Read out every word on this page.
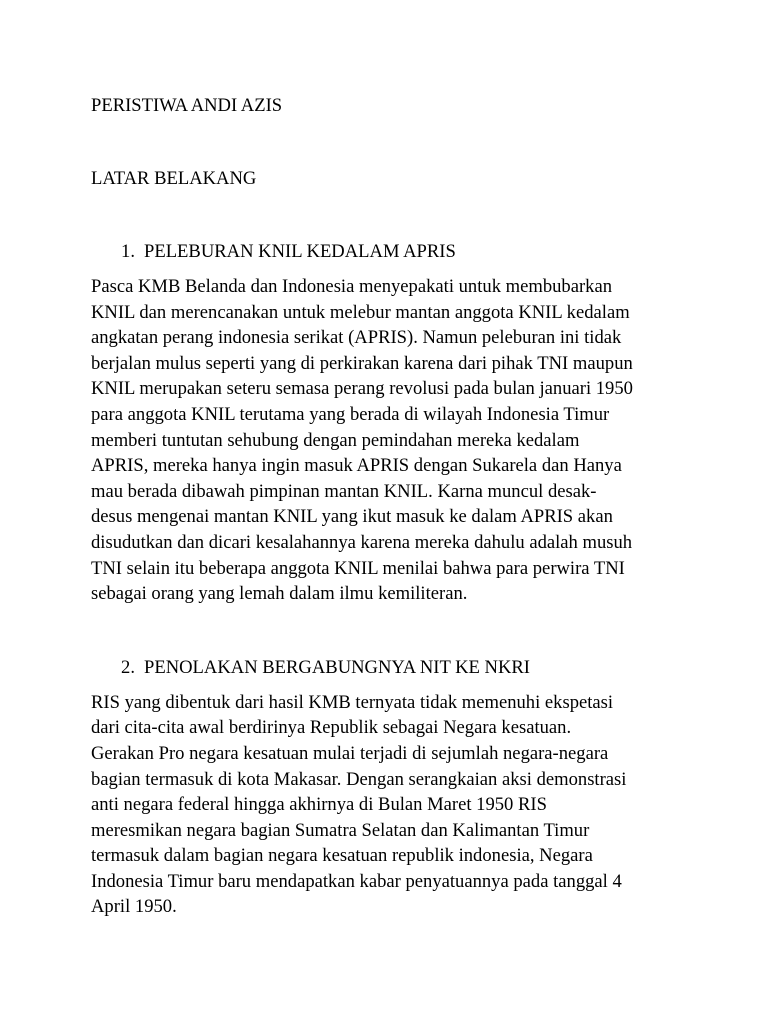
PERISTIWA ANDI AZIS
LATAR BELAKANG
1. PELEBURAN KNIL KEDALAM APRIS
Pasca KMB Belanda dan Indonesia menyepakati untuk membubarkan
KNIL dan merencanakan untuk melebur mantan anggota KNIL kedalam
angkatan perang indonesia serikat (APRIS). Namun peleburan ini tidak
berjalan mulus seperti yang di perkirakan karena dari pihak TNI maupun
KNIL merupakan seteru semasa perang revolusi pada bulan januari 1950
para anggota KNIL terutama yang berada di wilayah Indonesia Timur
memberi tuntutan sehubung dengan pemindahan mereka kedalam
APRIS, mereka hanya ingin masuk APRIS dengan Sukarela dan Hanya
mau berada dibawah pimpinan mantan KNIL. Karna muncul desak-
desus mengenai mantan KNIL yang ikut masuk ke dalam APRIS akan
disudutkan dan dicari kesalahannya karena mereka dahulu adalah musuh
TNI selain itu beberapa anggota KNIL menilai bahwa para perwira TNI
sebagai orang yang lemah dalam ilmu kemiliteran.
2. PENOLAKAN BERGABUNGNYA NIT KE NKRI
RIS yang dibentuk dari hasil KMB ternyata tidak memenuhi ekspetasi
dari cita-cita awal berdirinya Republik sebagai Negara kesatuan.
Gerakan Pro negara kesatuan mulai terjadi di sejumlah negara-negara
bagian termasuk di kota Makasar. Dengan serangkaian aksi demonstrasi
anti negara federal hingga akhirnya di Bulan Maret 1950 RIS
meresmikan negara bagian Sumatra Selatan dan Kalimantan Timur
termasuk dalam bagian negara kesatuan republik indonesia, Negara
Indonesia Timur baru mendapatkan kabar penyatuannya pada tanggal 4
April 1950.
